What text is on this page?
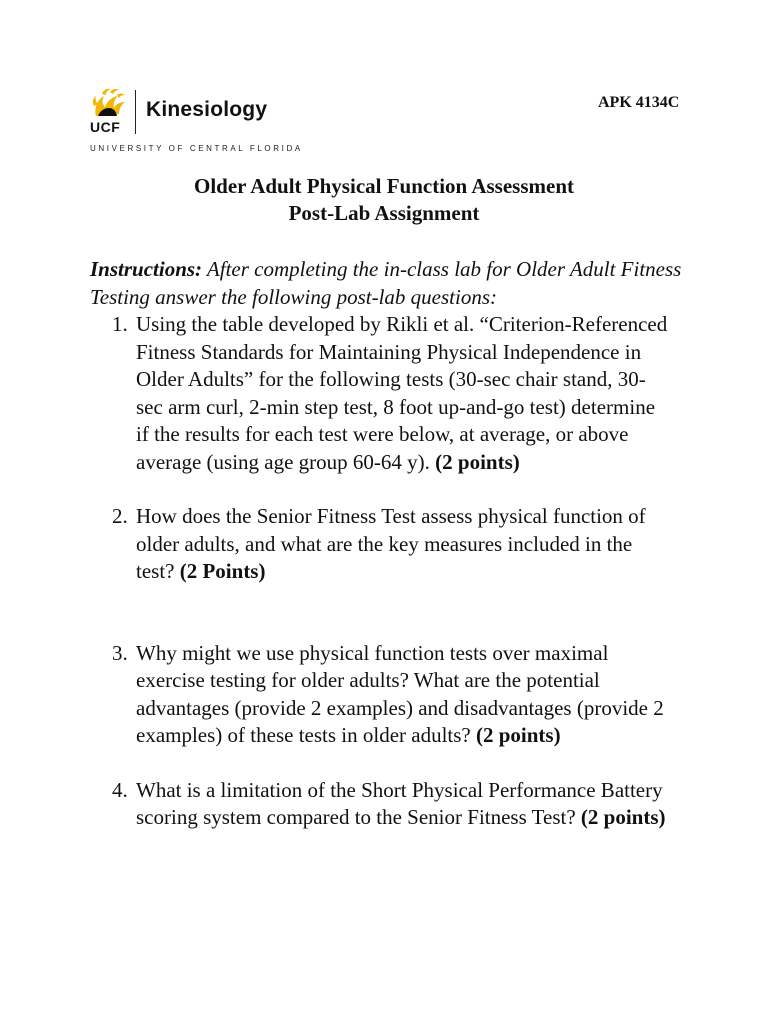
UCF
Kinesiology
UNIVERSITY OF CENTRAL FLORIDA
APK 4134C
Older Adult Physical Function Assessment
Post-Lab Assignment
Instructions: After completing the in-class lab for Older Adult Fitness Testing answer the following post-lab questions:
1. Using the table developed by Rikli et al. “Criterion-Referenced Fitness Standards for Maintaining Physical Independence in Older Adults” for the following tests (30-sec chair stand, 30-sec arm curl, 2-min step test, 8 foot up-and-go test) determine if the results for each test were below, at average, or above average (using age group 60-64 y). (2 points)
2. How does the Senior Fitness Test assess physical function of older adults, and what are the key measures included in the test? (2 Points)
3. Why might we use physical function tests over maximal exercise testing for older adults? What are the potential advantages (provide 2 examples) and disadvantages (provide 2 examples) of these tests in older adults? (2 points)
4. What is a limitation of the Short Physical Performance Battery scoring system compared to the Senior Fitness Test? (2 points)
